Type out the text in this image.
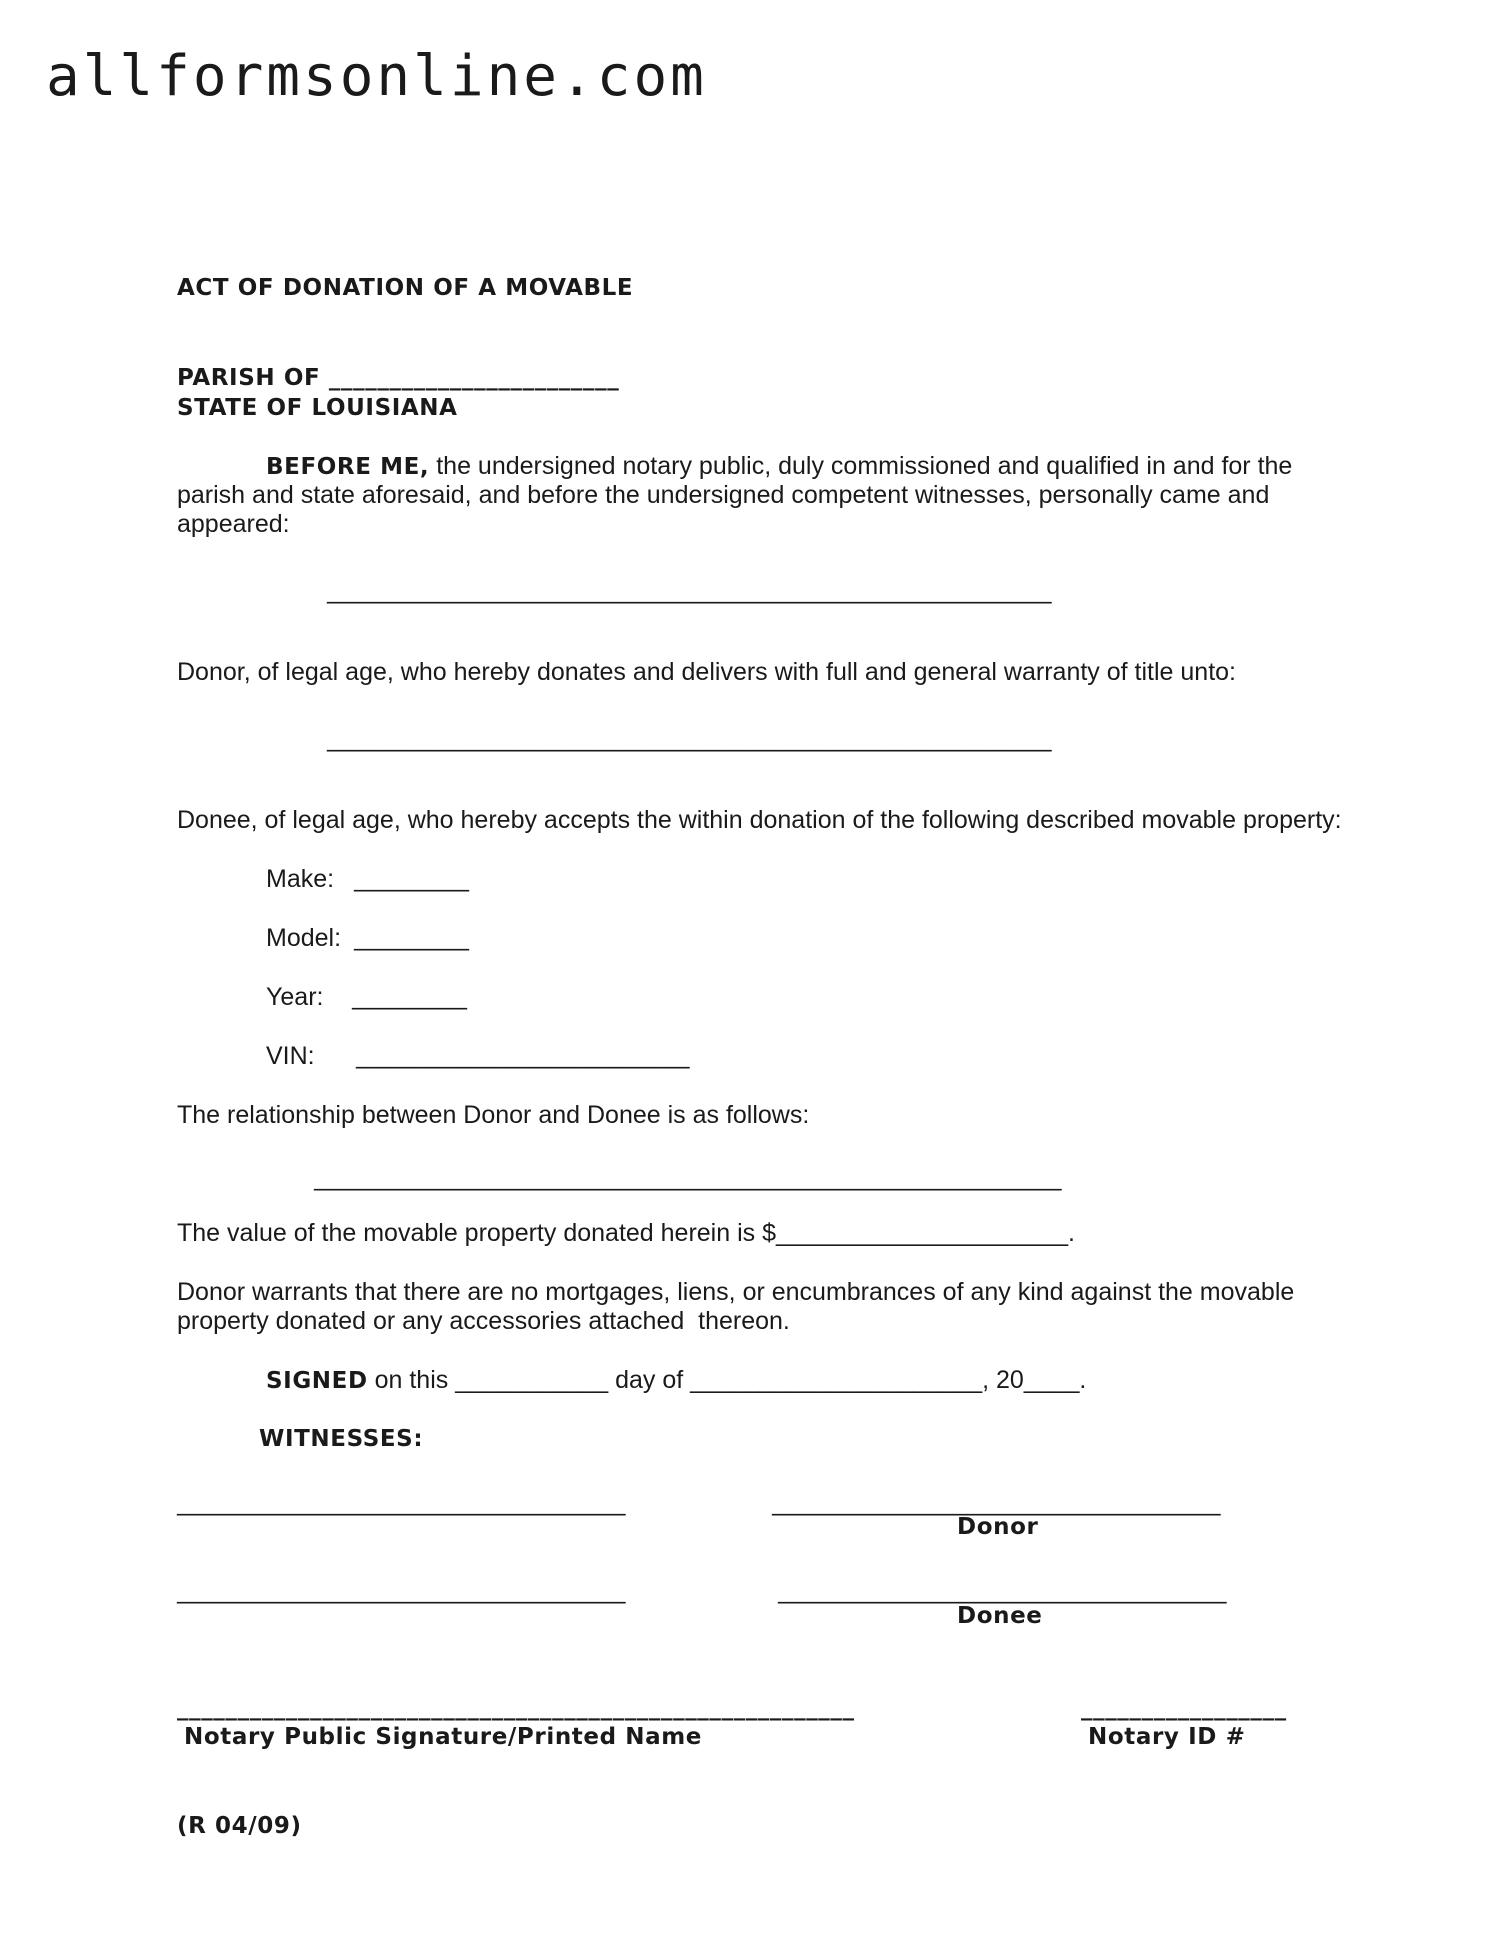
allformsonline.com
ACT OF DONATION OF A MOVABLE
PARISH OF ________________________
STATE OF LOUISIANA
BEFORE ME, the undersigned notary public, duly commissioned and qualified in and for the
parish and state aforesaid, and before the undersigned competent witnesses, personally came and
appeared:
_______________________________________________________________
Donor, of legal age, who hereby donates and delivers with full and general warranty of title unto:
_______________________________________________________________
Donee, of legal age, who hereby accepts the within donation of the following described movable property:
Make: __________
Model: __________
Year: __________
VIN: _____________________________
The relationship between Donor and Donee is as follows:
_________________________________________________________________
The value of the movable property donated herein is $_____________________.
Donor warrants that there are no mortgages, liens, or encumbrances of any kind against the movable
property donated or any accessories attached  thereon.
SIGNED on this ___________ day of _____________________, 20____.
WITNESSES:
_______________________________________	_______________________________________
Donor
_______________________________________	_______________________________________
Donee
________________________________________________________
Notary Public Signature/Printed Name
_________________
Notary ID #
(R 04/09)
